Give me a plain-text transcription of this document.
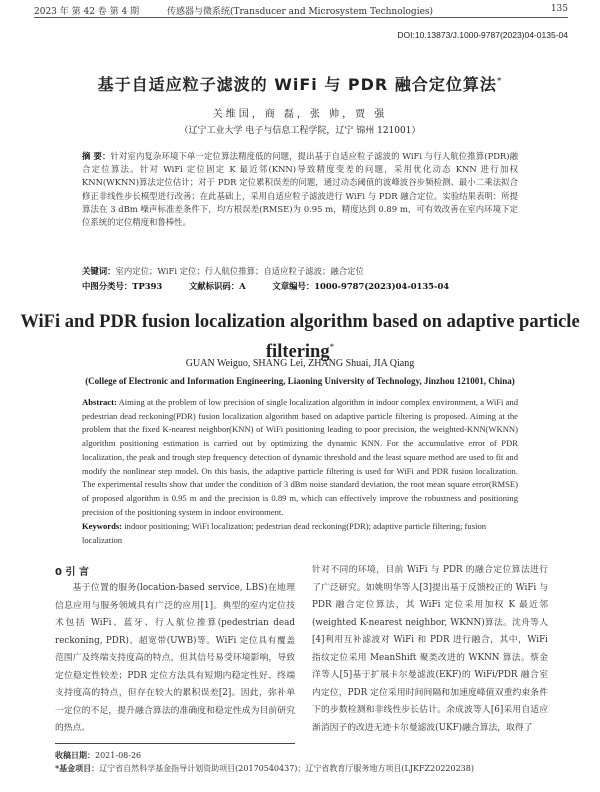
2023 年 第 42 卷 第 4 期	传感器与微系统(Transducer and Microsystem Technologies)	135
DOI:10.13873/J.1000-9787(2023)04-0135-04
基于自适应粒子滤波的 WiFi 与 PDR 融合定位算法*
关维国，商 磊，张 帅，贾 强
（辽宁工业大学 电子与信息工程学院，辽宁 锦州 121001）
摘 要：针对室内复杂环境下单一定位算法精度低的问题，提出基于自适应粒子滤波的 WiFi 与行人航位推算(PDR)融合定位算法。针对 WiFi 定位固定 K 最近邻(KNN)导致精度变差的问题，采用优化动态 KNN 进行加权 KNN(WKNN)算法定位估计；对于 PDR 定位累积误差的问题，通过动态阈值的波峰波谷步频检测、最小二乘法拟合修正非线性步长模型进行改善；在此基础上，采用自适应粒子滤波进行 WiFi 与 PDR 融合定位。实验结果表明：所提算法在 3 dBm 噪声标准差条件下，均方根误差(RMSE)为 0.95 m，精度达到 0.89 m，可有效改善在室内环境下定位系统的定位精度和鲁棒性。
关键词：室内定位；WiFi 定位；行人航位推算；自适应粒子滤波；融合定位
中图分类号：TP393	文献标识码：A	文章编号：1000-9787(2023)04-0135-04
WiFi and PDR fusion localization algorithm based on adaptive particle filtering*
GUAN Weiguo, SHANG Lei, ZHANG Shuai, JIA Qiang
(College of Electronic and Information Engineering, Liaoning University of Technology, Jinzhou 121001, China)
Abstract: Aiming at the problem of low precision of single localization algorithm in indoor complex environment, a WiFi and pedestrian dead reckoning(PDR) fusion localization algorithm based on adaptive particle filtering is proposed. Aiming at the problem that the fixed K-nearest neighbor(KNN) of WiFi positioning leading to poor precision, the weighted-KNN(WKNN) algorithm positioning estimation is carried out by optimizing the dynamic KNN. For the accumulative error of PDR localization, the peak and trough step frequency detection of dynamic threshold and the least square method are used to fit and modify the nonlinear step model. On this basis, the adaptive particle filtering is used for WiFi and PDR fusion localization. The experimental results show that under the condition of 3 dBm noise standard deviation, the root mean square error(RMSE) of proposed algorithm is 0.95 m and the precision is 0.89 m, which can effectively improve the robustness and positioning precision of the positioning system in indoor environment.
Keywords: indoor positioning; WiFi localization; pedestrian dead reckoning(PDR); adaptive particle filtering; fusion localization
0 引 言
基于位置的服务(location-based service, LBS)在地理信息应用与服务领域具有广泛的应用[1]。典型的室内定位技术包括 WiFi、蓝牙、行人航位推算(pedestrian dead reckoning, PDR)、超宽带(UWB)等。WiFi 定位具有覆盖范围广及终端支持度高的特点，但其信号易受环境影响，导致定位稳定性较差；PDR 定位方法具有短期内稳定性好、终端支持度高的特点，但存在较大的累积误差[2]。因此，弥补单一定位的不足，提升融合算法的准确度和稳定性成为目前研究的热点。
针对不同的环境，目前 WiFi 与 PDR 的融合定位算法进行了广泛研究。如姚明华等人[3]提出基于反馈校正的 WiFi 与 PDR 融合定位算法，其 WiFi 定位采用加权 K 最近邻(weighted K-nearest neighbor, WKNN)算法。沈舟等人[4]利用互补滤波对 WiFi 和 PDR 进行融合，其中，WiFi 指纹定位采用 MeanShift 聚类改进的 WKNN 算法。蔡金洋等人[5]基于扩展卡尔曼滤波(EKF)的 WiFi/PDR 融合室内定位，PDR 定位采用时间间隔和加速度峰值双重约束条件下的步数检测和非线性步长估计。余成波等人[6]采用自适应渐消因子的改进无迹卡尔曼滤波(UKF)融合算法，取得了
收稿日期：2021-08-26
*基金项目：辽宁省自然科学基金指导计划资助项目(20170540437)；辽宁省教育厅服务地方项目(LJKFZ20220238)
